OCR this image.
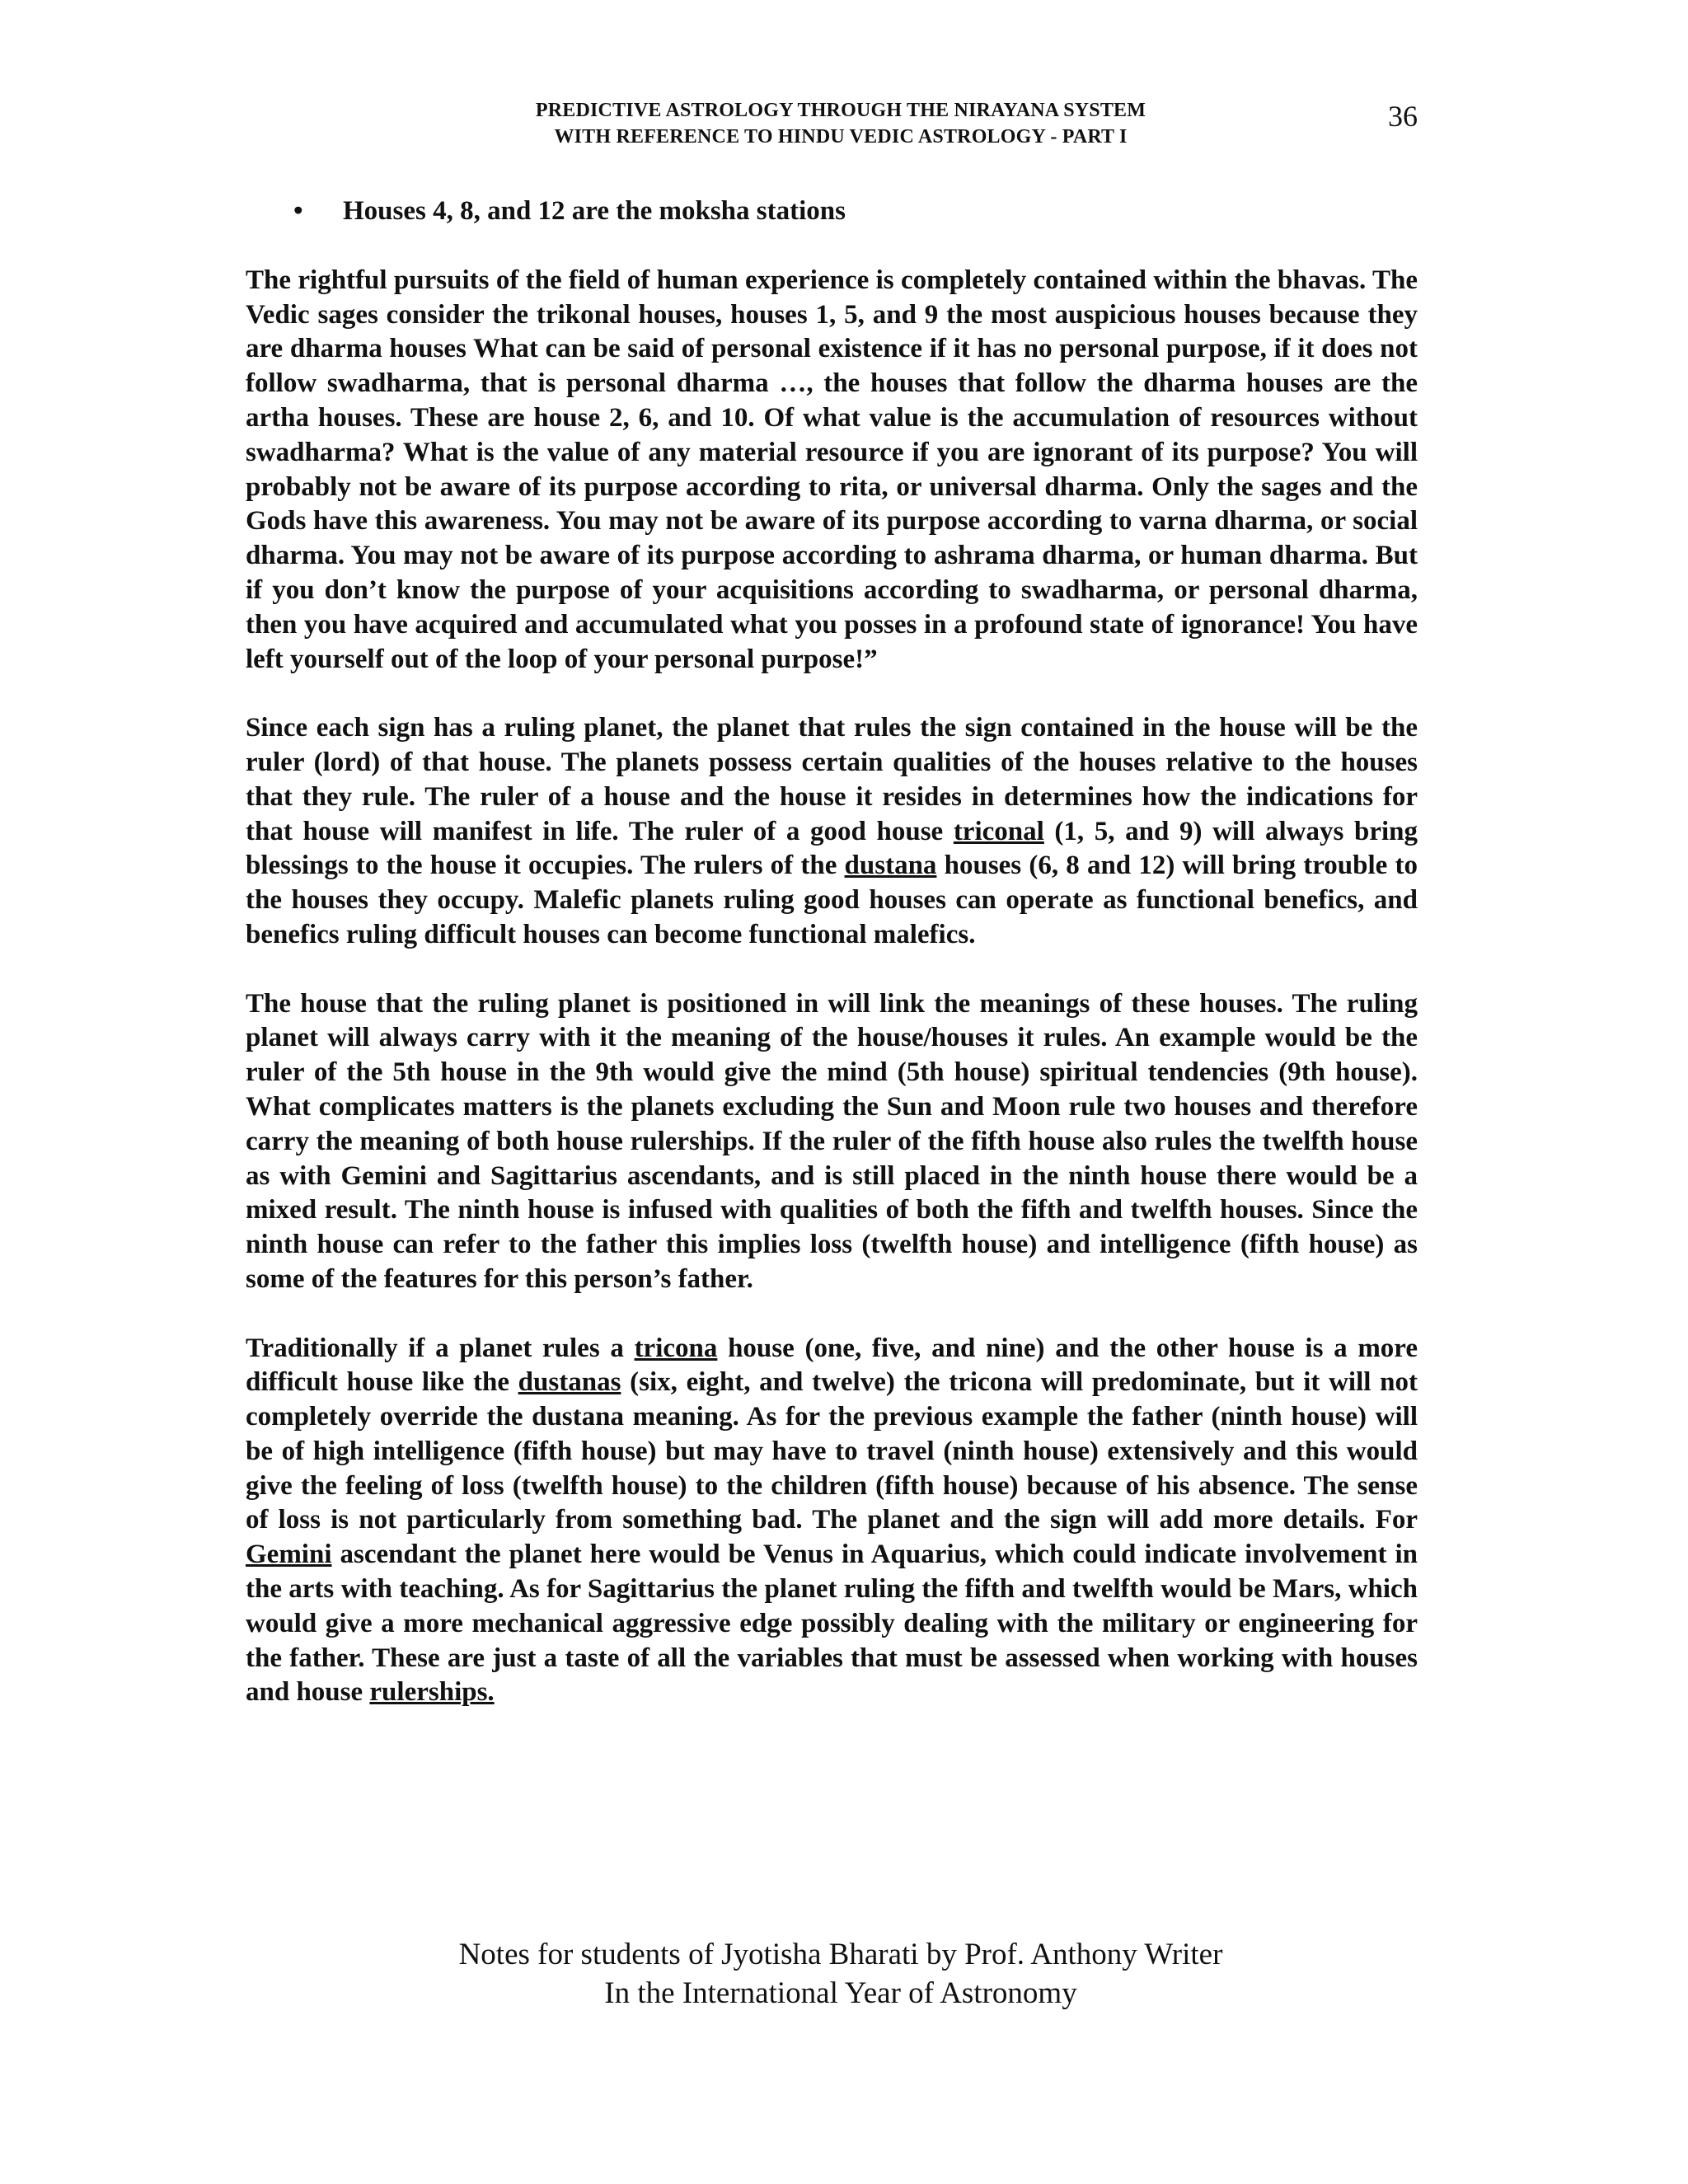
PREDICTIVE ASTROLOGY THROUGH THE NIRAYANA SYSTEM
WITH REFERENCE TO HINDU VEDIC ASTROLOGY - PART I
36
• Houses 4, 8, and 12 are the moksha stations

The rightful pursuits of the field of human experience is completely contained within the bhavas. The Vedic sages consider the trikonal houses, houses 1, 5, and 9 the most auspicious houses because they are dharma houses What can be said of personal existence if it has no personal purpose, if it does not follow swadharma, that is personal dharma …, the houses that follow the dharma houses are the artha houses. These are house 2, 6, and 10. Of what value is the accumulation of resources without swadharma? What is the value of any material resource if you are ignorant of its purpose? You will probably not be aware of its purpose according to rita, or universal dharma. Only the sages and the Gods have this awareness. You may not be aware of its purpose according to varna dharma, or social dharma. You may not be aware of its purpose according to ashrama dharma, or human dharma. But if you don’t know the purpose of your acquisitions according to swadharma, or personal dharma, then you have acquired and accumulated what you posses in a profound state of ignorance! You have left yourself out of the loop of your personal purpose!”

Since each sign has a ruling planet, the planet that rules the sign contained in the house will be the ruler (lord) of that house. The planets possess certain qualities of the houses relative to the houses that they rule. The ruler of a house and the house it resides in determines how the indications for that house will manifest in life. The ruler of a good house triconal (1, 5, and 9) will always bring blessings to the house it occupies. The rulers of the dustana houses (6, 8 and 12) will bring trouble to the houses they occupy. Malefic planets ruling good houses can operate as functional benefics, and benefics ruling difficult houses can become functional malefics.

The house that the ruling planet is positioned in will link the meanings of these houses. The ruling planet will always carry with it the meaning of the house/houses it rules. An example would be the ruler of the 5th house in the 9th would give the mind (5th house) spiritual tendencies (9th house). What complicates matters is the planets excluding the Sun and Moon rule two houses and therefore carry the meaning of both house rulerships. If the ruler of the fifth house also rules the twelfth house as with Gemini and Sagittarius ascendants, and is still placed in the ninth house there would be a mixed result. The ninth house is infused with qualities of both the fifth and twelfth houses. Since the ninth house can refer to the father this implies loss (twelfth house) and intelligence (fifth house) as some of the features for this person’s father.

Traditionally if a planet rules a tricona house (one, five, and nine) and the other house is a more difficult house like the dustanas (six, eight, and twelve) the tricona will predominate, but it will not completely override the dustana meaning. As for the previous example the father (ninth house) will be of high intelligence (fifth house) but may have to travel (ninth house) extensively and this would give the feeling of loss (twelfth house) to the children (fifth house) because of his absence. The sense of loss is not particularly from something bad. The planet and the sign will add more details. For Gemini ascendant the planet here would be Venus in Aquarius, which could indicate involvement in the arts with teaching. As for Sagittarius the planet ruling the fifth and twelfth would be Mars, which would give a more mechanical aggressive edge possibly dealing with the military or engineering for the father. These are just a taste of all the variables that must be assessed when working with houses and house rulerships.

Notes for students of Jyotisha Bharati by Prof. Anthony Writer
In the International Year of Astronomy
